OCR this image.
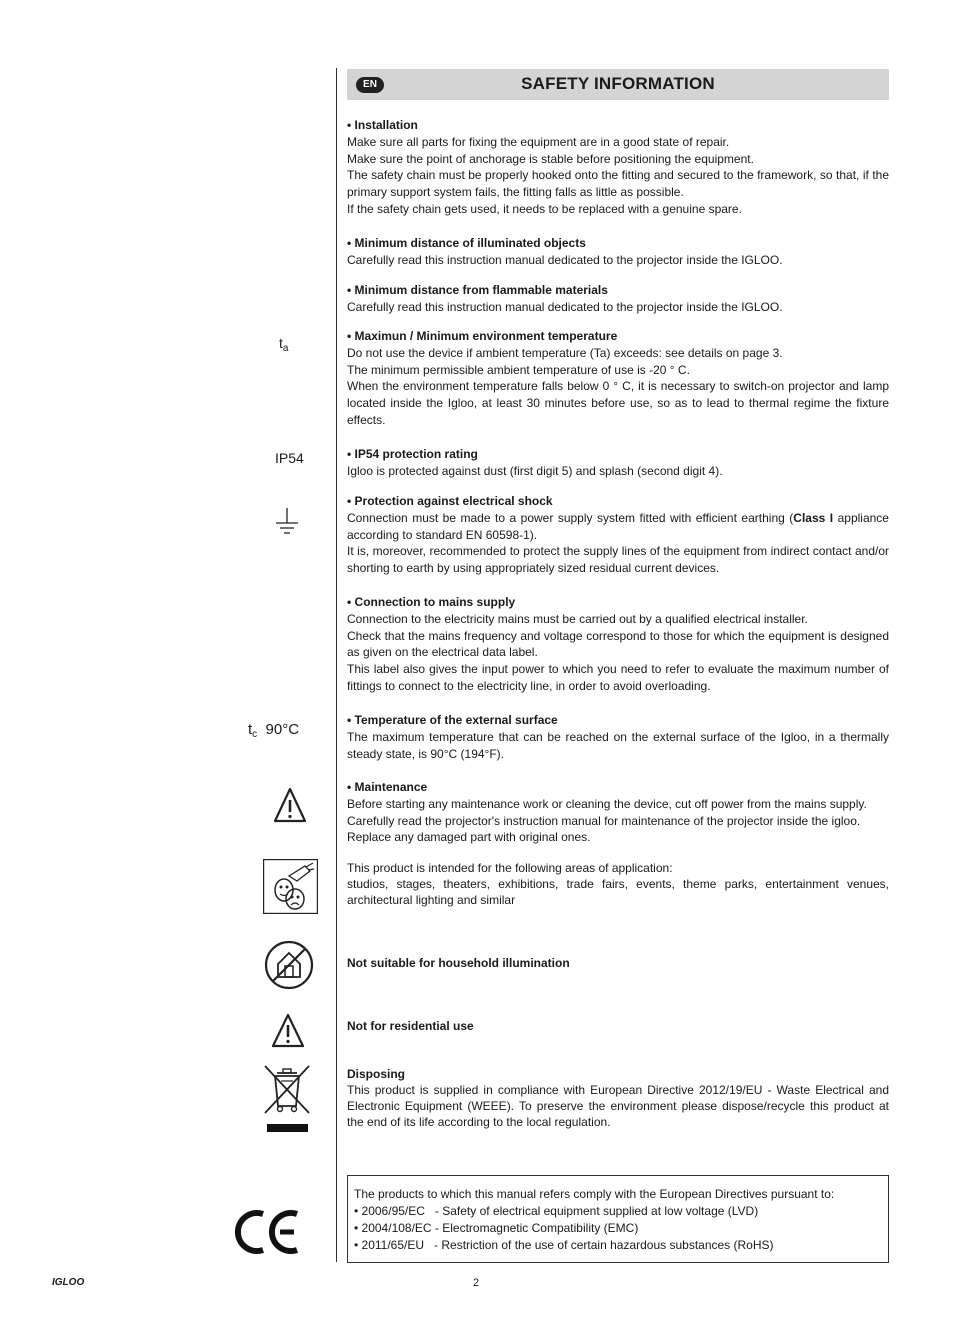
EN	SAFETY INFORMATION
• Installation

Make sure all parts for fixing the equipment are in a good state of repair.

Make sure the point of anchorage is stable before positioning the equipment.

The safety chain must be properly hooked onto the fitting and secured to the framework, so that, if the primary support system fails, the fitting falls as little as possible.

If the safety chain gets used, it needs to be replaced with a genuine spare.

• Minimum distance of illuminated objects

Carefully read this instruction manual dedicated to the projector inside the IGLOO.

• Minimum distance from flammable materials

Carefully read this instruction manual dedicated to the projector inside the IGLOO.

$t_a$
• Maximun / Minimum environment temperature

Do not use the device if ambient temperature (Ta) exceeds: see details on page 3.

The minimum permissible ambient temperature of use is -20 ° C.

When the environment temperature falls below 0 ° C, it is necessary to switch-on projector and lamp located inside the Igloo, at least 30 minutes before use, so as to lead to thermal regime the fixture effects.

IP54	• IP54 protection rating

Igloo is protected against dust (first digit 5) and splash (second digit 4).

• Protection against electrical shock

Connection must be made to a power supply system fitted with efficient earthing (Class I appliance according to standard EN 60598-1).

It is, moreover, recommended to protect the supply lines of the equipment from indirect contact and/or shorting to earth by using appropriately sized residual current devices.

• Connection to mains supply

Connection to the electricity mains must be carried out by a qualified electrical installer.

Check that the mains frequency and voltage correspond to those for which the equipment is designed as given on the electrical data label.

This label also gives the input power to which you need to refer to evaluate the maximum number of fittings to connect to the electricity line, in order to avoid overloading.

$t_c$ 90°C
• Temperature of the external surface

The maximum temperature that can be reached on the external surface of the Igloo, in a thermally steady state, is 90°C (194°F).

• Maintenance

Before starting any maintenance work or cleaning the device, cut off power from the mains supply.

Carefully read the projector's instruction manual for maintenance of the projector inside the igloo.

Replace any damaged part with original ones.

This product is intended for the following areas of application:

studios, stages, theaters, exhibitions, trade fairs, events, theme parks, entertainment venues, architectural lighting and similar

Not suitable for household illumination
Not for residential use
Disposing

This product is supplied in compliance with European Directive 2012/19/EU - Waste Electrical and Electronic Equipment (WEEE). To preserve the environment please dispose/recycle this product at the end of its life according to the local regulation.

The products to which this manual refers comply with the European Directives pursuant to:
• 2006/95/EC   - Safety of electrical equipment supplied at low voltage (LVD)
• 2004/108/EC - Electromagnetic Compatibility (EMC)
• 2011/65/EU   - Restriction of the use of certain hazardous substances (RoHS)
IGLOO	2
